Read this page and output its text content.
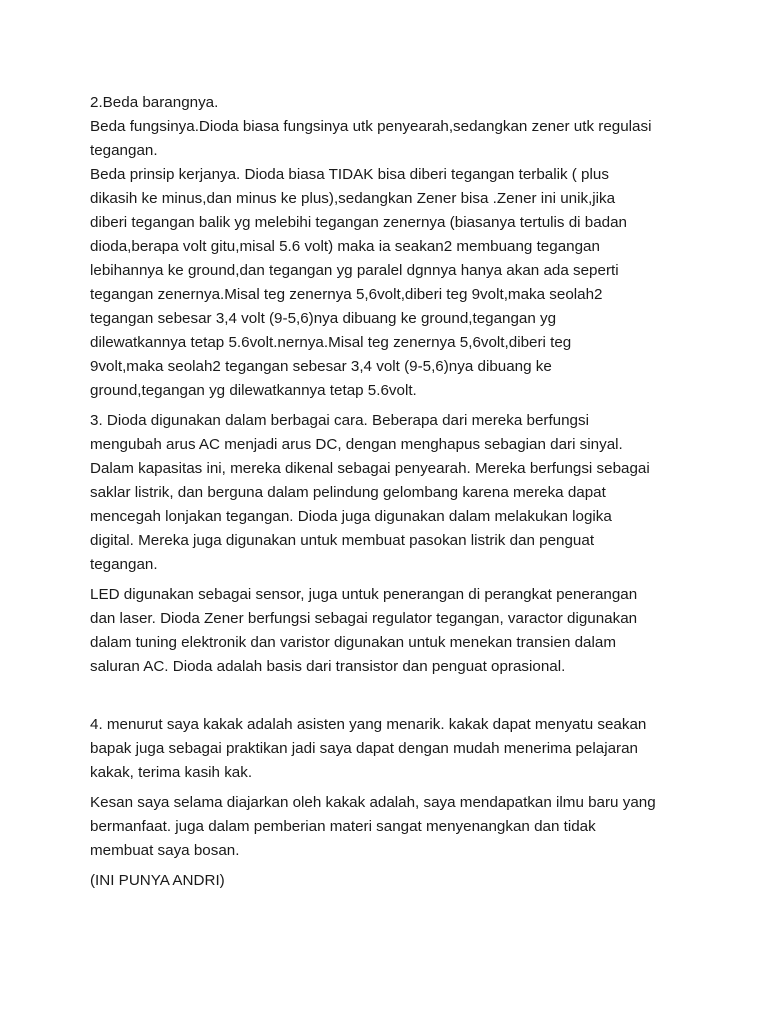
2.Beda barangnya.
Beda fungsinya.Dioda biasa fungsinya utk penyearah,sedangkan zener utk regulasi
tegangan.
Beda prinsip kerjanya. Dioda biasa TIDAK bisa diberi tegangan terbalik ( plus
dikasih ke minus,dan minus ke plus),sedangkan Zener bisa .Zener ini unik,jika
diberi tegangan balik yg melebihi tegangan zenernya (biasanya tertulis di badan
dioda,berapa volt gitu,misal 5.6 volt) maka ia seakan2 membuang tegangan
lebihannya ke ground,dan tegangan yg paralel dgnnya hanya akan ada seperti
tegangan zenernya.Misal teg zenernya 5,6volt,diberi teg 9volt,maka seolah2
tegangan sebesar 3,4 volt (9-5,6)nya dibuang ke ground,tegangan yg
dilewatkannya tetap 5.6volt.nernya.Misal teg zenernya 5,6volt,diberi teg
9volt,maka seolah2 tegangan sebesar 3,4 volt (9-5,6)nya dibuang ke
ground,tegangan yg dilewatkannya tetap 5.6volt.

3. Dioda digunakan dalam berbagai cara. Beberapa dari mereka berfungsi
mengubah arus AC menjadi arus DC, dengan menghapus sebagian dari sinyal.
Dalam kapasitas ini, mereka dikenal sebagai penyearah. Mereka berfungsi sebagai
saklar listrik, dan berguna dalam pelindung gelombang karena mereka dapat
mencegah lonjakan tegangan. Dioda juga digunakan dalam melakukan logika
digital. Mereka juga digunakan untuk membuat pasokan listrik dan penguat
tegangan.

LED digunakan sebagai sensor, juga untuk penerangan di perangkat penerangan
dan laser. Dioda Zener berfungsi sebagai regulator tegangan, varactor digunakan
dalam tuning elektronik dan varistor digunakan untuk menekan transien dalam
saluran AC. Dioda adalah basis dari transistor dan penguat oprasional.

4. menurut saya kakak adalah asisten yang menarik. kakak dapat menyatu seakan
bapak juga sebagai praktikan jadi saya dapat dengan mudah menerima pelajaran
kakak, terima kasih kak.

Kesan saya selama diajarkan oleh kakak adalah, saya mendapatkan ilmu baru yang
bermanfaat. juga dalam pemberian materi sangat menyenangkan dan tidak
membuat saya bosan.

(INI PUNYA ANDRI)
